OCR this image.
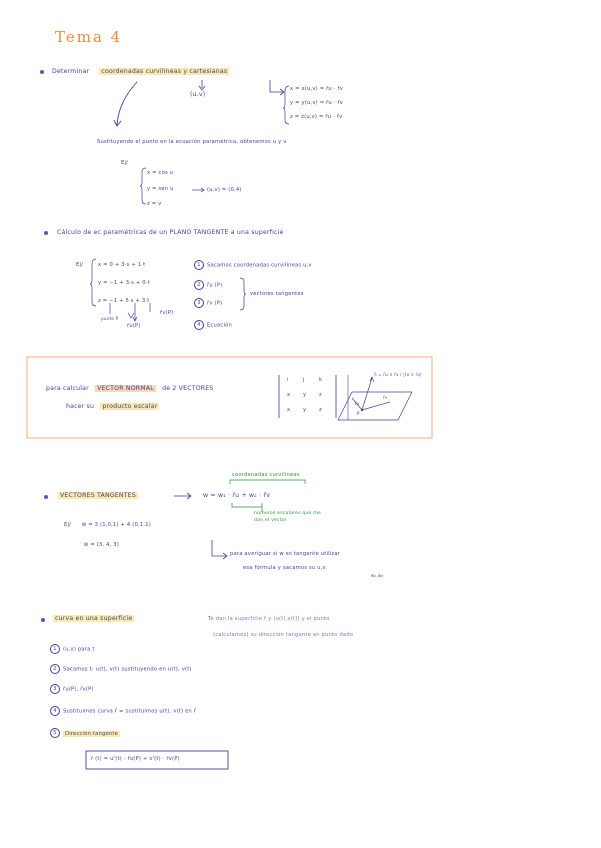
Tema 4
Determinar coordenadas curvilíneas y cartesianas
(u,v)
x = x(u,v) = r̄u · r̄v
y = y(u,v) = r̄u · r̄v
z = z(u,v) = r̄u · r̄v
Sustituyendo el punto en la ecuación paramétrica, obtenemos u y v
Ej/
x = cos u
y = sen u
z = v
(u,v) = (0,4)
Cálculo de ec paramétricas de un PLANO TANGENTE a una superficie
Ej/	x = 0 + 3·s + 1·t
y = −1 + 3·s + 0·t
z = −1 + 5·s + 3·t
punto P
r̄u(P)
r̄v(P)
1 Sacamos coordenadas curvilíneas u,v
2 r̄u (P)
3 r̄v (P)
4 Ecuación
vectores tangentes
para calcular VECTOR NORMAL de 2 VECTORES
hacer su producto escalar
i	j	k
x y z
x y z
n̄ = r̄u × r̄v / |r̄u × r̄v|
r̄u
r̄v
P
VECTORES TANGENTES
coordenadas curvilíneas
w = w₁ · r̄u + w₂ · r̄v
números escalares que me dan el vector
Ej/ w̄ = 3 (1,0,1) + 4 (0,1,1)
w̄ = (3, 4, 3)
para averiguar si w es tangente utilizar
esa fórmula y sacamos su u,v
w₁,w₂
curva en una superficie	Te dan la superficie r̄ y (u(t),v(t)) y el punto
(calculamos) su dirección tangente en punto dado
1 (u,v) para t
2 Sacamos t: u(t), v(t) sustituyendo en u(t), v(t)
3 r̄u(P), r̄v(P)
4 Sustituimos curva r̄ = sustituimos u(t), v(t) en r̄
5 Dirección tangente
ṙ (t) = u'(t) · r̄u(P) + v'(t) · r̄v(P)
